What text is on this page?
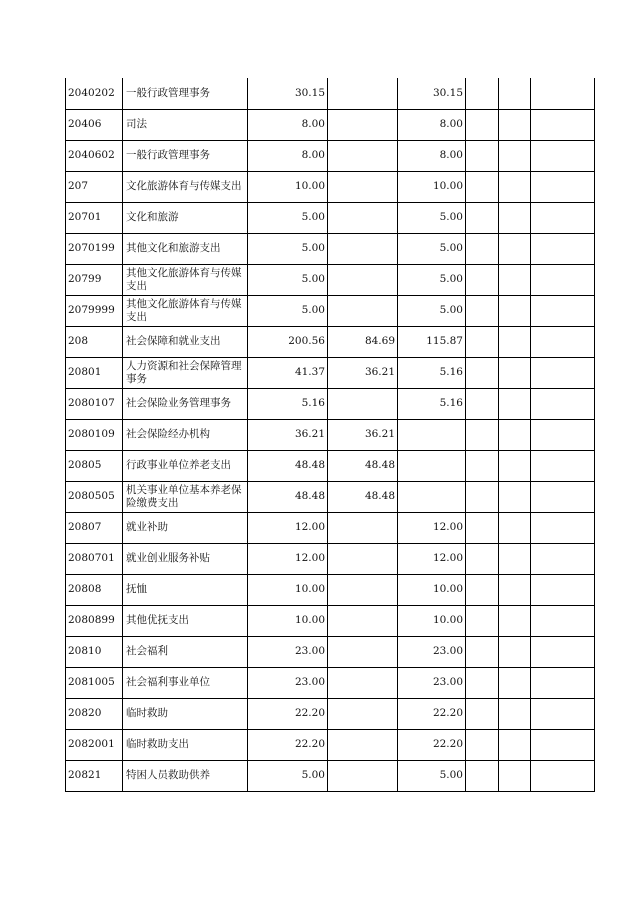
2040202	一般行政管理事务	30.15		30.15			
20406	司法	8.00		8.00			
2040602	一般行政管理事务	8.00		8.00			
207	文化旅游体育与传媒支出	10.00		10.00			
20701	文化和旅游	5.00		5.00			
2070199	其他文化和旅游支出	5.00		5.00			
20799	其他文化旅游体育与传媒支出	5.00		5.00			
2079999	其他文化旅游体育与传媒支出	5.00		5.00			
208	社会保障和就业支出	200.56	84.69	115.87			
20801	人力资源和社会保障管理事务	41.37	36.21	5.16			
2080107	社会保险业务管理事务	5.16		5.16			
2080109	社会保险经办机构	36.21	36.21				
20805	行政事业单位养老支出	48.48	48.48				
2080505	机关事业单位基本养老保险缴费支出	48.48	48.48				
20807	就业补助	12.00		12.00			
2080701	就业创业服务补贴	12.00		12.00			
20808	抚恤	10.00		10.00			
2080899	其他优抚支出	10.00		10.00			
20810	社会福利	23.00		23.00			
2081005	社会福利事业单位	23.00		23.00			
20820	临时救助	22.20		22.20			
2082001	临时救助支出	22.20		22.20			
20821	特困人员救助供养	5.00		5.00			
